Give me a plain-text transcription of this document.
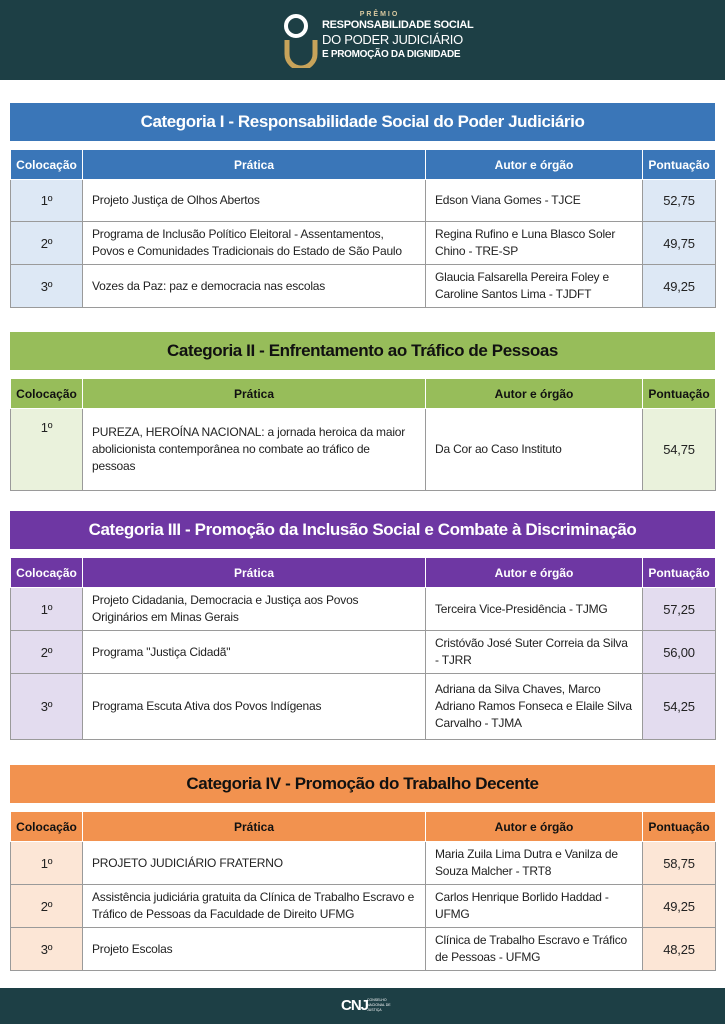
PRÊMIO
RESPONSABILIDADE SOCIAL
DO PODER JUDICIÁRIO
E PROMOÇÃO DA DIGNIDADE
Categoria I - Responsabilidade Social do Poder Judiciário
Colocação	Prática	Autor e órgão	Pontuação
1º	Projeto Justiça de Olhos Abertos	Edson Viana Gomes - TJCE	52,75
2º	Programa de Inclusão Político Eleitoral - Assentamentos, Povos e Comunidades Tradicionais do Estado de São Paulo	Regina Rufino e Luna Blasco Soler Chino - TRE-SP	49,75
3º	Vozes da Paz: paz e democracia nas escolas	Glaucia Falsarella Pereira Foley e Caroline Santos Lima - TJDFT	49,25
Categoria II - Enfrentamento ao Tráfico de Pessoas
Colocação	Prática	Autor e órgão	Pontuação
1º	PUREZA, HEROÍNA NACIONAL: a jornada heroica da maior abolicionista contemporânea no combate ao tráfico de pessoas	Da Cor ao Caso Instituto	54,75
Categoria III - Promoção da Inclusão Social e Combate à Discriminação
Colocação	Prática	Autor e órgão	Pontuação
1º	Projeto Cidadania, Democracia e Justiça aos Povos Originários em Minas Gerais	Terceira Vice-Presidência - TJMG	57,25
2º	Programa "Justiça Cidadã"	Cristóvão José Suter Correia da Silva - TJRR	56,00
3º	Programa Escuta Ativa dos Povos Indígenas	Adriana da Silva Chaves, Marco Adriano Ramos Fonseca e Elaile Silva Carvalho - TJMA	54,25
Categoria IV - Promoção do Trabalho Decente
Colocação	Prática	Autor e órgão	Pontuação
1º	PROJETO JUDICIÁRIO FRATERNO	Maria Zuila Lima Dutra e Vanilza de Souza Malcher - TRT8	58,75
2º	Assistência judiciária gratuita da Clínica de Trabalho Escravo e Tráfico de Pessoas da Faculdade de Direito UFMG	Carlos Henrique Borlido Haddad - UFMG	49,25
3º	Projeto Escolas	Clínica de Trabalho Escravo e Tráfico de Pessoas - UFMG	48,25
CNJ
CONSELHO NACIONAL DE JUSTIÇA
